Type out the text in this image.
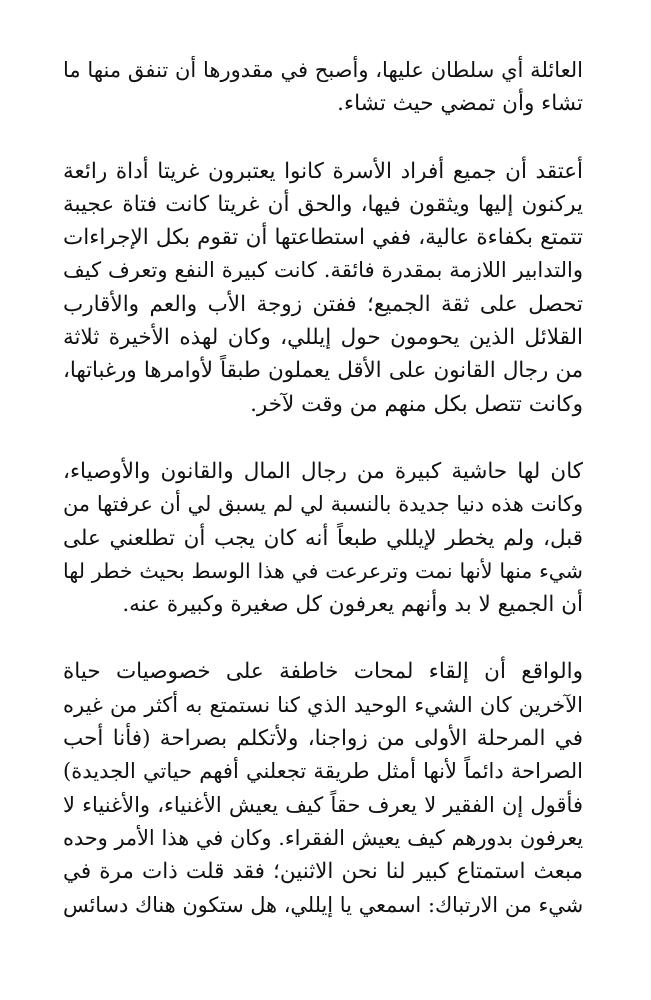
العائلة أي سلطان عليها، وأصبح في مقدورها أن تنفق منها ما
تشاء وأن تمضي حيث تشاء.

أعتقد أن جميع أفراد الأسرة كانوا يعتبرون غريتا أداة رائعة
يركنون إليها ويثقون فيها، والحق أن غريتا كانت فتاة عجيبة
تتمتع بكفاءة عالية، ففي استطاعتها أن تقوم بكل الإجراءات
والتدابير اللازمة بمقدرة فائقة. كانت كبيرة النفع وتعرف كيف
تحصل على ثقة الجميع؛ ففتن زوجة الأب والعم والأقارب
القلائل الذين يحومون حول إيللي، وكان لهذه الأخيرة ثلاثة
من رجال القانون على الأقل يعملون طبقاً لأوامرها ورغباتها،
وكانت تتصل بكل منهم من وقت لآخر.

كان لها حاشية كبيرة من رجال المال والقانون والأوصياء،
وكانت هذه دنيا جديدة بالنسبة لي لم يسبق لي أن عرفتها من
قبل، ولم يخطر لإيللي طبعاً أنه كان يجب أن تطلعني على
شيء منها لأنها نمت وترعرعت في هذا الوسط بحيث خطر لها
أن الجميع لا بد وأنهم يعرفون كل صغيرة وكبيرة عنه.

والواقع أن إلقاء لمحات خاطفة على خصوصيات حياة
الآخرين كان الشيء الوحيد الذي كنا نستمتع به أكثر من غيره
في المرحلة الأولى من زواجنا، ولأتكلم بصراحة (فأنا أحب
الصراحة دائماً لأنها أمثل طريقة تجعلني أفهم حياتي الجديدة)
فأقول إن الفقير لا يعرف حقاً كيف يعيش الأغنياء، والأغنياء لا
يعرفون بدورهم كيف يعيش الفقراء. وكان في هذا الأمر وحده
مبعث استمتاع كبير لنا نحن الاثنين؛ فقد قلت ذات مرة في
شيء من الارتباك: اسمعي يا إيللي، هل ستكون هناك دسائس
